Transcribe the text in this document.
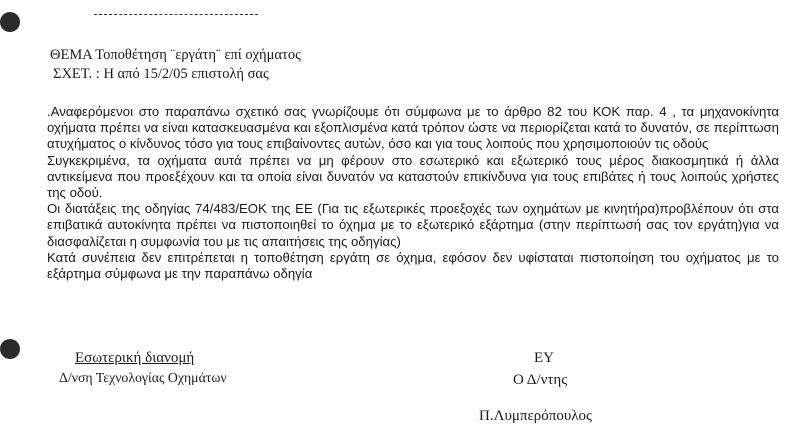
ΘΕΜΑ Τοποθέτηση ¨εργάτη¨ επί οχήματος
ΣΧΕΤ. : Η από 15/2/05 επιστολή σας

.Αναφερόμενοι στο παραπάνω σχετικό σας γνωρίζουμε ότι σύμφωνα με το άρθρο 82 του ΚΟΚ παρ. 4 , τα μηχανοκίνητα οχήματα πρέπει να είναι κατασκευασμένα και εξοπλισμένα κατά τρόπον ώστε να περιορίζεται κατά το δυνατόν, σε περίπτωση ατυχήματος ο κίνδυνος τόσο για τους επιβαίνοντες αυτών, όσο και για τους λοιπούς που χρησιμοποιούν τις οδούς

Συγκεκριμένα, τα οχήματα αυτά πρέπει να μη φέρουν στο εσωτερικό και εξωτερικό τους μέρος διακοσμητικά ή άλλα αντικείμενα που προεξέχουν και τα οποία είναι δυνατόν να καταστούν επικίνδυνα για τους επιβάτες ή τους λοιπούς χρήστες της οδού.

Οι διατάξεις της οδηγίας 74/483/ΕΟΚ της ΕΕ (Για τις εξωτερικές προεξοχές των οχημάτων με κινητήρα)προβλέπουν ότι στα επιβατικά αυτοκίνητα πρέπει να πιστοποιηθεί το όχημα με το εξωτερικό εξάρτημα (στην περίπτωσή σας τον εργάτη)για να διασφαλίζεται η συμφωνία του με τις απαιτήσεις της οδηγίας)

Κατά συνέπεια δεν επιτρέπεται η τοποθέτηση εργάτη σε όχημα, εφόσον δεν υφίσταται πιστοποίηση του οχήματος με το εξάρτημα σύμφωνα με την παραπάνω οδηγία

Εσωτερική διανομή
Δ/νση Τεχνολογίας Οχημάτων
ΕΥ
Ο Δ/ντης
Π.Λυμπερόπουλος
